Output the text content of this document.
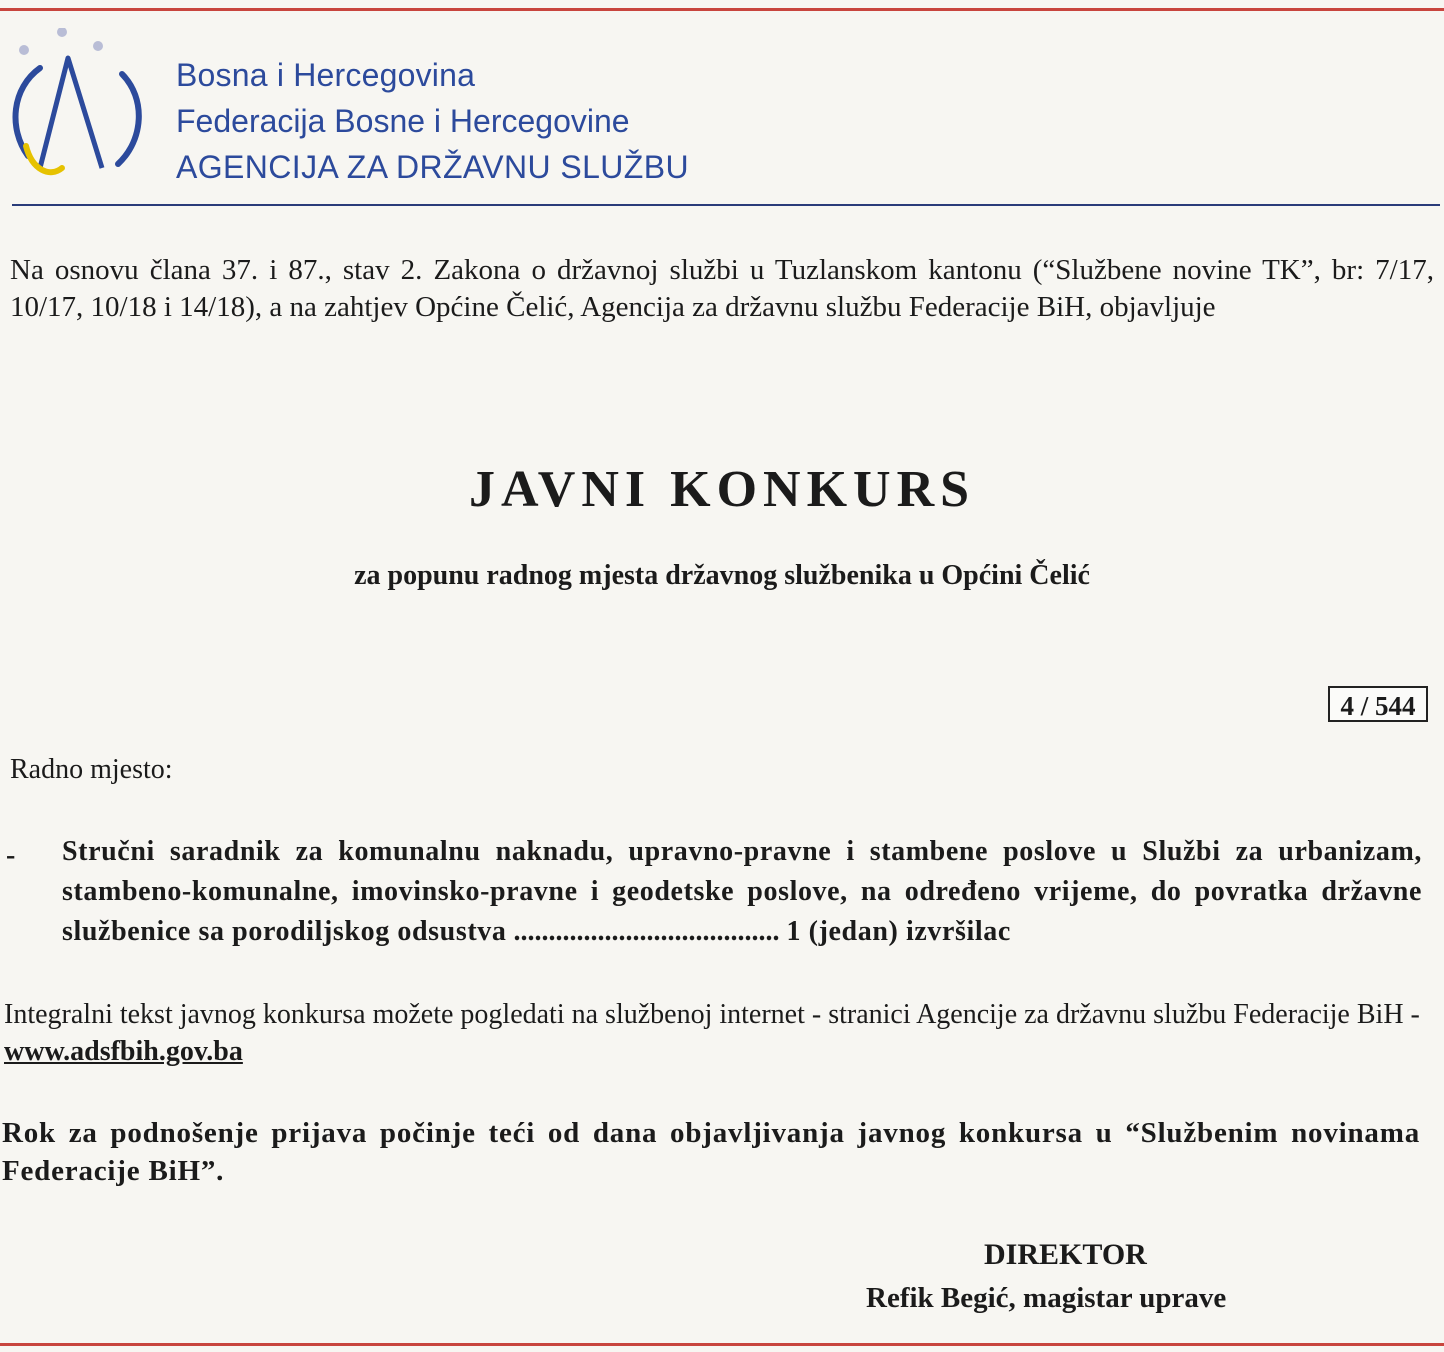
Bosna i Hercegovina
Federacija Bosne i Hercegovine
AGENCIJA ZA DRŽAVNU SLUŽBU
Na osnovu člana 37. i 87., stav 2. Zakona o državnoj službi u Tuzlanskom kantonu (“Službene novine TK”, br: 7/17, 10/17, 10/18 i 14/18), a na zahtjev Općine Čelić, Agencija za državnu službu Federacije BiH, objavljuje
JAVNI KONKURS
za popunu radnog mjesta državnog službenika u Općini Čelić
4 / 544
Radno mjesto:
- Stručni saradnik za komunalnu naknadu, upravno-pravne i stambene poslove u Službi za urbanizam, stambeno-komunalne, imovinsko-pravne i geodetske poslove, na određeno vrijeme, do povratka državne službenice sa porodiljskog odsustva ...................................... 1 (jedan) izvršilac
Integralni tekst javnog konkursa možete pogledati na službenoj internet - stranici Agencije za državnu službu Federacije BiH - www.adsfbih.gov.ba
Rok za podnošenje prijava počinje teći od dana objavljivanja javnog konkursa u “Službenim novinama Federacije BiH”.
DIREKTOR
Refik Begić, magistar uprave
